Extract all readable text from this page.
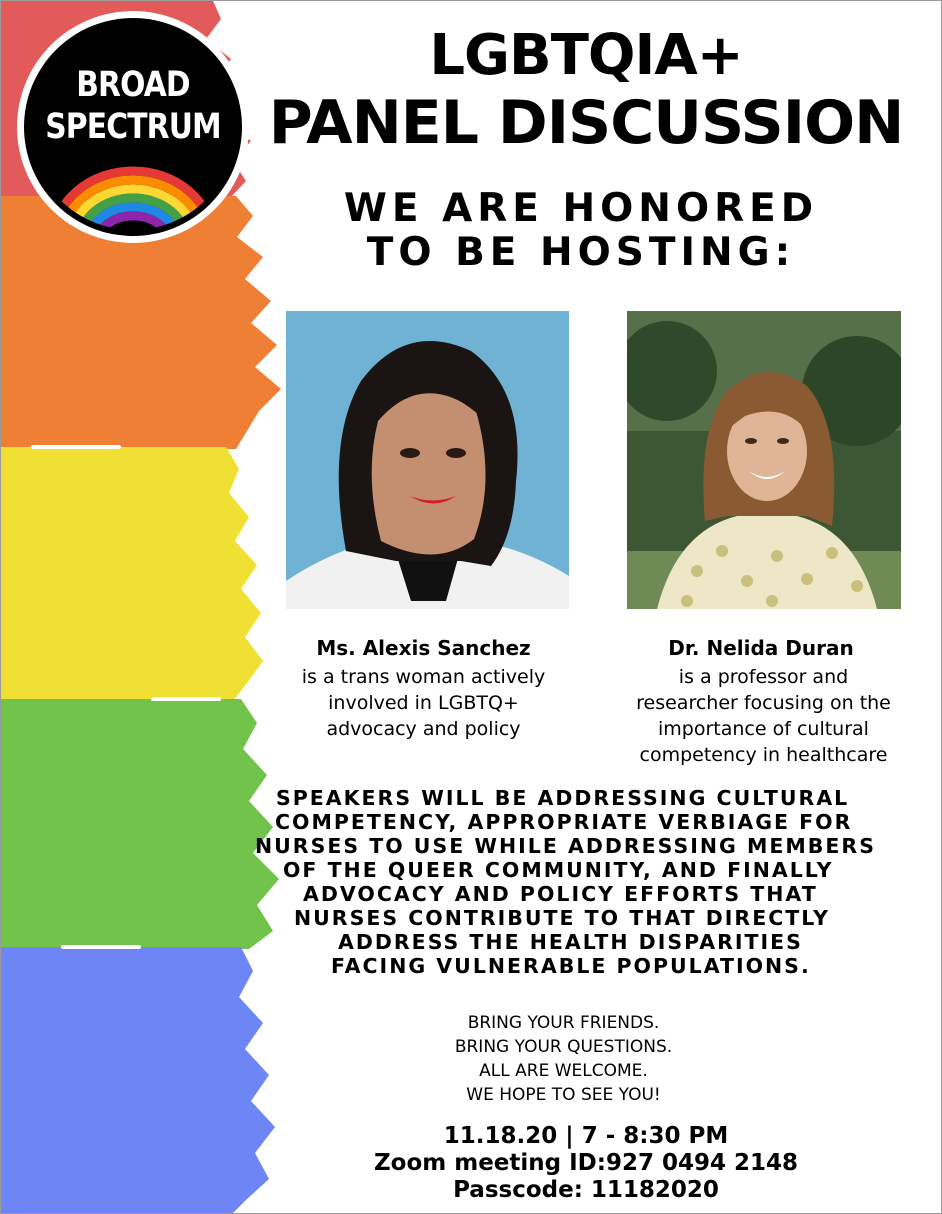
BROAD
SPECTRUM
LGBTQIA+
PANEL DISCUSSION
WE ARE HONORED
TO BE HOSTING:
Ms. Alexis Sanchez
is a trans woman actively
involved in LGBTQ+
advocacy and policy
Dr. Nelida Duran
is a professor and
researcher focusing on the
importance of cultural
competency in healthcare
SPEAKERS WILL BE ADDRESSING CULTURAL
COMPETENCY, APPROPRIATE VERBIAGE FOR
NURSES TO USE WHILE ADDRESSING MEMBERS
OF THE QUEER COMMUNITY, AND FINALLY
ADVOCACY AND POLICY EFFORTS THAT
NURSES CONTRIBUTE TO THAT DIRECTLY
ADDRESS THE HEALTH DISPARITIES
FACING VULNERABLE POPULATIONS.
BRING YOUR FRIENDS.
BRING YOUR QUESTIONS.
ALL ARE WELCOME.
WE HOPE TO SEE YOU!
11.18.20 | 7 - 8:30 PM
Zoom meeting ID:927 0494 2148
Passcode: 11182020
